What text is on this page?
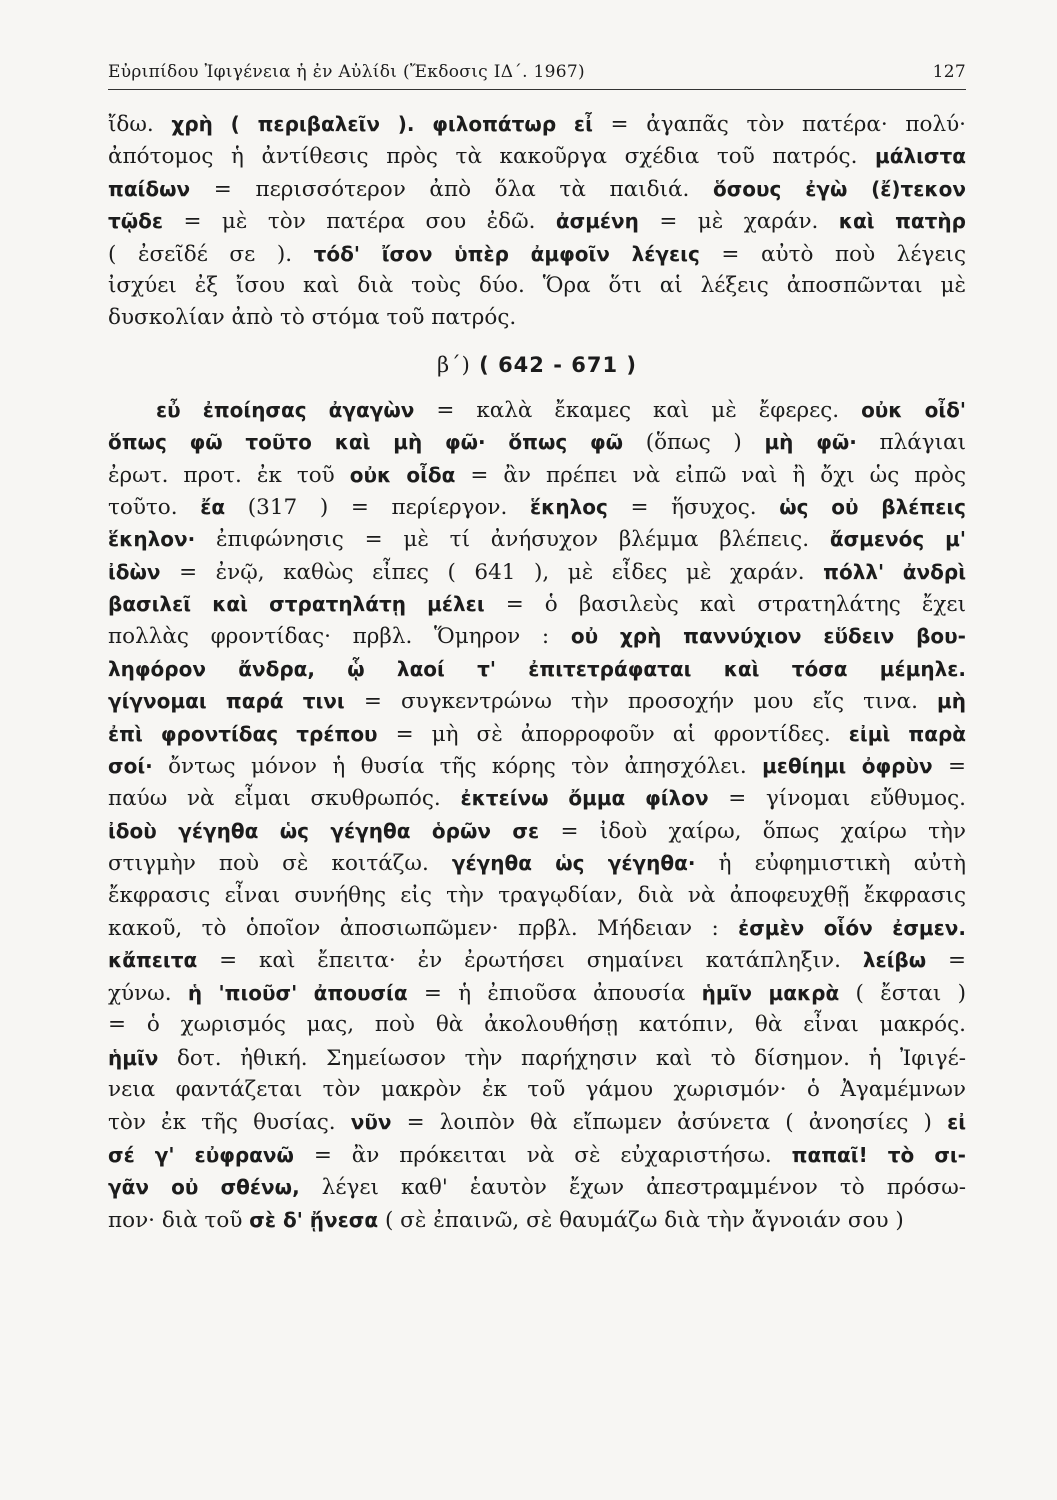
Εὐριπίδου Ἰφιγένεια ἡ ἐν Αὐλίδι (Ἔκδοσις ΙΔ΄. 1967)	127
ἴδω. χρὴ ( περιβαλεῖν ). φιλοπάτωρ εἶ = ἀγαπᾶς τὸν πατέρα· πολύ·
ἀπότομος ἡ ἀντίθεσις πρὸς τὰ κακοῦργα σχέδια τοῦ πατρός. μάλιστα
παίδων = περισσότερον ἀπὸ ὅλα τὰ παιδιά. ὅσους ἐγὼ (ἔ)τεκον
τῷδε = μὲ τὸν πατέρα σου ἐδῶ. ἀσμένη = μὲ χαράν. καὶ πατὴρ
( ἐσεῖδέ σε ). τόδ' ἴσον ὑπὲρ ἀμφοῖν λέγεις = αὐτὸ ποὺ λέγεις
ἰσχύει ἐξ ἴσου καὶ διὰ τοὺς δύο. Ὅρα ὅτι αἱ λέξεις ἀποσπῶνται μὲ
δυσκολίαν ἀπὸ τὸ στόμα τοῦ πατρός.
β΄) ( 642 - 671 )
εὖ ἐποίησας ἀγαγὼν = καλὰ ἔκαμες καὶ μὲ ἔφερες. οὐκ οἶδ'
ὅπως φῶ τοῦτο καὶ μὴ φῶ· ὅπως φῶ (ὅπως ) μὴ φῶ· πλάγιαι
ἐρωτ. προτ. ἐκ τοῦ οὐκ οἶδα = ἂν πρέπει νὰ εἰπῶ ναὶ ἢ ὄχι ὡς πρὸς
τοῦτο. ἔα (317 ) = περίεργον. ἕκηλος = ἥσυχος. ὡς οὐ βλέπεις
ἕκηλον· ἐπιφώνησις = μὲ τί ἀνήσυχον βλέμμα βλέπεις. ἄσμενός μ'
ἰδὼν = ἐνῷ, καθὼς εἶπες ( 641 ), μὲ εἶδες μὲ χαράν. πόλλ' ἀνδρὶ
βασιλεῖ καὶ στρατηλάτῃ μέλει = ὁ βασιλεὺς καὶ στρατηλάτης ἔχει
πολλὰς φροντίδας· πρβλ. Ὅμηρον : οὐ χρὴ παννύχιον εὕδειν βου-
ληφόρον ἄνδρα, ᾧ λαοί τ' ἐπιτετράφαται καὶ τόσα μέμηλε.
γίγνομαι παρά τινι = συγκεντρώνω τὴν προσοχήν μου εἴς τινα. μὴ
ἐπὶ φροντίδας τρέπου = μὴ σὲ ἀπορροφοῦν αἱ φροντίδες. εἰμὶ παρὰ
σοί· ὄντως μόνον ἡ θυσία τῆς κόρης τὸν ἀπησχόλει. μεθίημι ὀφρὺν =
παύω νὰ εἶμαι σκυθρωπός. ἐκτείνω ὄμμα φίλον = γίνομαι εὔθυμος.
ἰδοὺ γέγηθα ὡς γέγηθα ὁρῶν σε = ἰδοὺ χαίρω, ὅπως χαίρω τὴν
στιγμὴν ποὺ σὲ κοιτάζω. γέγηθα ὡς γέγηθα· ἡ εὐφημιστικὴ αὐτὴ
ἔκφρασις εἶναι συνήθης εἰς τὴν τραγῳδίαν, διὰ νὰ ἀποφευχθῇ ἔκφρασις
κακοῦ, τὸ ὁποῖον ἀποσιωπῶμεν· πρβλ. Μήδειαν : ἐσμὲν οἷόν ἐσμεν.
κἄπειτα = καὶ ἔπειτα· ἐν ἐρωτήσει σημαίνει κατάπληξιν. λείβω =
χύνω. ἡ 'πιοῦσ' ἀπουσία = ἡ ἐπιοῦσα ἀπουσία ἡμῖν μακρὰ ( ἔσται )
= ὁ χωρισμός μας, ποὺ θὰ ἀκολουθήσῃ κατόπιν, θὰ εἶναι μακρός.
ἡμῖν δοτ. ἠθική. Σημείωσον τὴν παρήχησιν καὶ τὸ δίσημον. ἡ Ἰφιγέ-
νεια φαντάζεται τὸν μακρὸν ἐκ τοῦ γάμου χωρισμόν· ὁ Ἀγαμέμνων
τὸν ἐκ τῆς θυσίας. νῦν = λοιπὸν θὰ εἴπωμεν ἀσύνετα ( ἀνοησίες ) εἰ
σέ γ' εὐφρανῶ = ἂν πρόκειται νὰ σὲ εὐχαριστήσω. παπαῖ! τὸ σι-
γᾶν οὐ σθένω, λέγει καθ' ἑαυτὸν ἔχων ἀπεστραμμένον τὸ πρόσω-
πον· διὰ τοῦ σὲ δ' ᾔνεσα ( σὲ ἐπαινῶ, σὲ θαυμάζω διὰ τὴν ἄγνοιάν σου )
